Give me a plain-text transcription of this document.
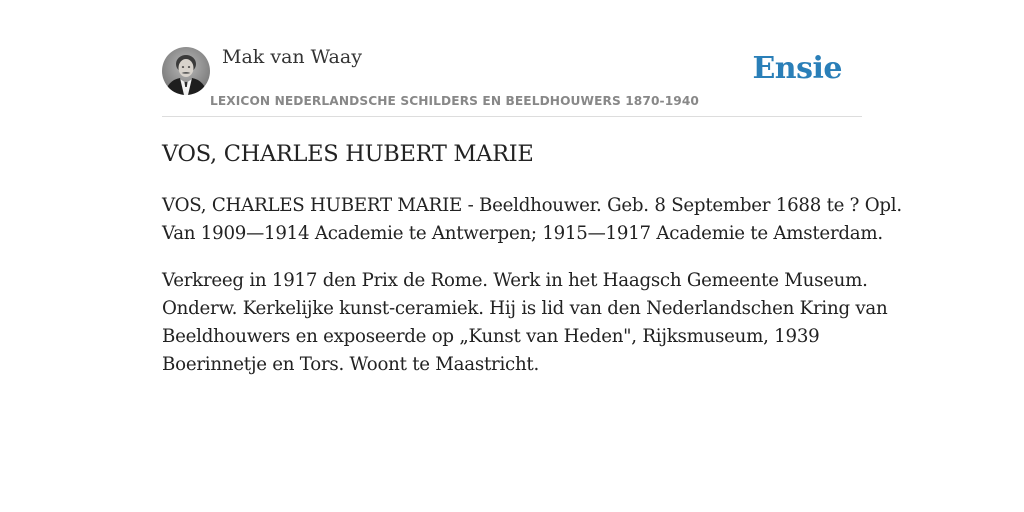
Mak van Waay
LEXICON NEDERLANDSCHE SCHILDERS EN BEELDHOUWERS 1870-1940
Ensie
VOS, CHARLES HUBERT MARIE

VOS, CHARLES HUBERT MARIE - Beeldhouwer. Geb. 8 September 1688 te ? Opl.
Van 1909—1914 Academie te Antwerpen; 1915—1917 Academie te Amsterdam.

Verkreeg in 1917 den Prix de Rome. Werk in het Haagsch Gemeente Museum.
Onderw. Kerkelijke kunst-ceramiek. Hij is lid van den Nederlandschen Kring van
Beeldhouwers en exposeerde op „Kunst van Heden", Rijksmuseum, 1939
Boerinnetje en Tors. Woont te Maastricht.
